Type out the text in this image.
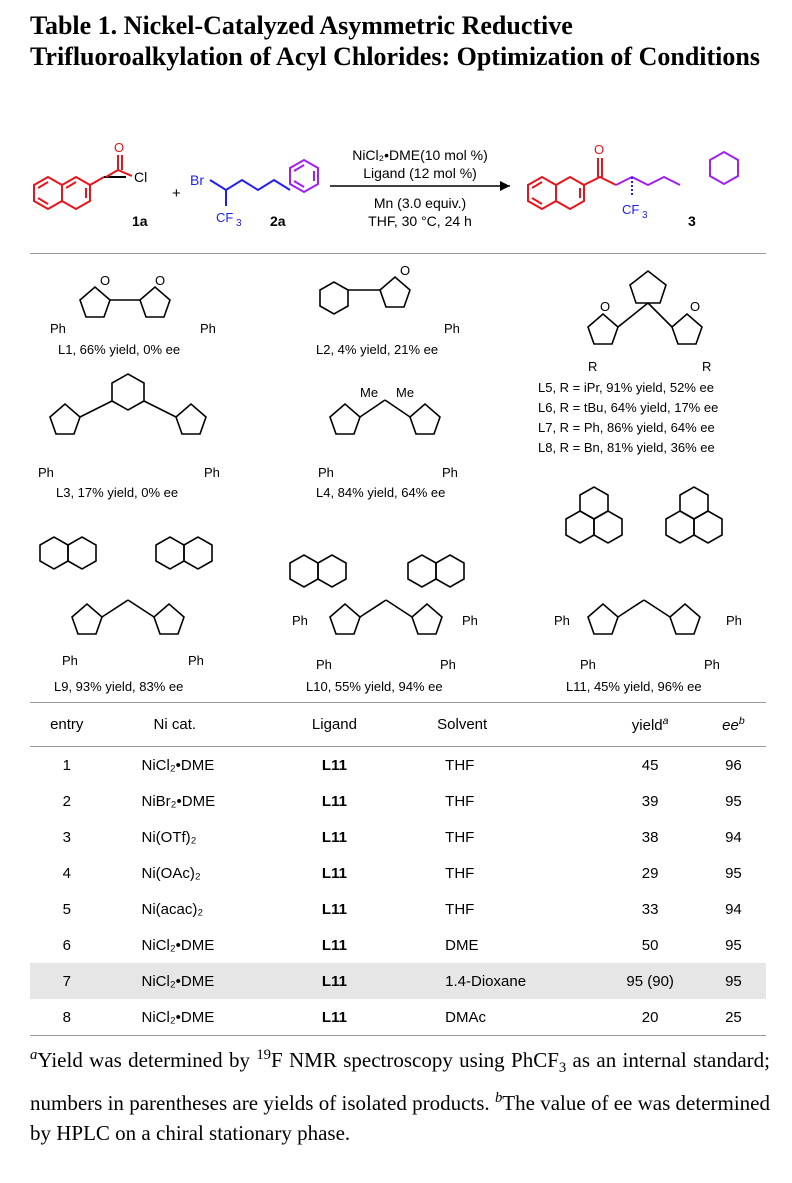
Table 1. Nickel-Catalyzed Asymmetric Reductive Trifluoroalkylation of Acyl Chlorides: Optimization of Conditions
O
Cl
1a
+
Br
CF 3 2a
NiCl₂•DME(10 mol %)
Ligand (12 mol %)
Mn (3.0 equiv.)
THF, 30 °C, 24 h
O
CF 3	3
O	O
Ph	Ph
L1, 66% yield, 0% ee
O
Ph
L2, 4% yield, 21% ee
O	O
R	R
L5, R = iPr, 91% yield, 52% ee
L6, R = tBu, 64% yield, 17% ee
L7, R = Ph, 86% yield, 64% ee
L8, R = Bn, 81% yield, 36% ee
Ph	Ph
L3, 17% yield, 0% ee
Me Me
Ph	Ph
L4, 84% yield, 64% ee
Ph	Ph
L9, 93% yield, 83% ee
Ph	Ph
Ph	Ph
L10, 55% yield, 94% ee
Ph	Ph
Ph	Ph
L11, 45% yield, 96% ee
entry	Ni cat.	Ligand	Solvent	yield$^a$	$ee^b$
1	NiCl₂•DME	L11	THF	45	96
2	NiBr₂•DME	L11	THF	39	95
3	Ni(OTf)₂	L11	THF	38	94
4	Ni(OAc)₂	L11	THF	29	95
5	Ni(acac)₂	L11	THF	33	94
6	NiCl₂•DME	L11	DME	50	95
7	NiCl₂•DME	L11	1.4-Dioxane	95 (90)	95
8	NiCl₂•DME	L11	DMAc	20	25

$^a$Yield was determined by $^{19}$F NMR spectroscopy using PhCF$_3$ as an internal standard; numbers in parentheses are yields of isolated products. $^b$The value of ee was determined by HPLC on a chiral stationary phase.
